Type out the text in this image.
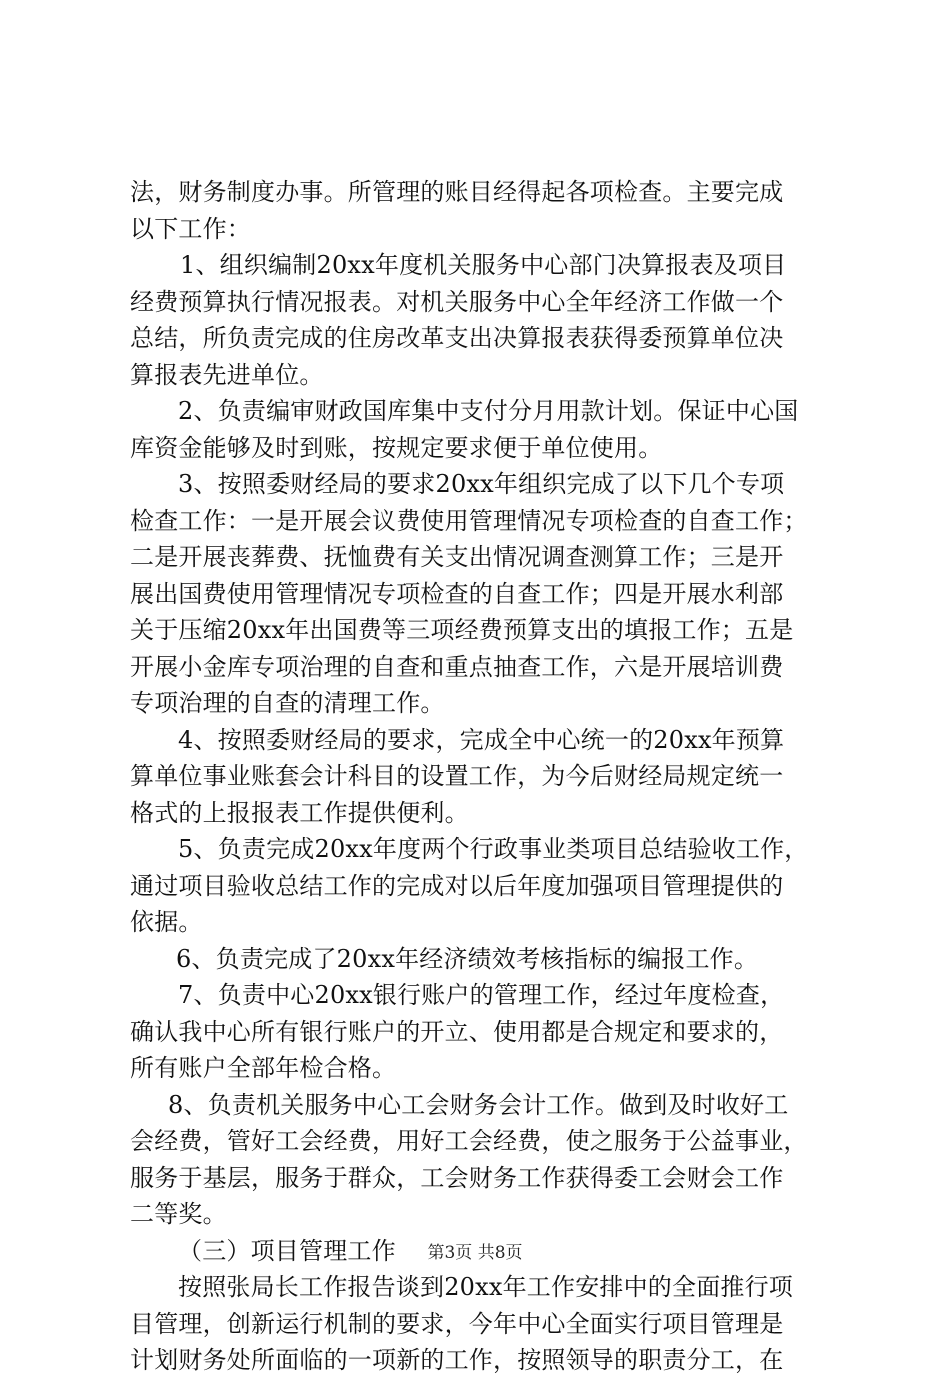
法，财务制度办事。所管理的账目经得起各项检查。主要完成
以下工作：
1、组织编制20xx年度机关服务中心部门决算报表及项目
经费预算执行情况报表。对机关服务中心全年经济工作做一个
总结，所负责完成的住房改革支出决算报表获得委预算单位决
算报表先进单位。
2、负责编审财政国库集中支付分月用款计划。保证中心国
库资金能够及时到账，按规定要求便于单位使用。
3、按照委财经局的要求20xx年组织完成了以下几个专项
检查工作：一是开展会议费使用管理情况专项检查的自查工作；
二是开展丧葬费、抚恤费有关支出情况调查测算工作；三是开
展出国费使用管理情况专项检查的自查工作；四是开展水利部
关于压缩20xx年出国费等三项经费预算支出的填报工作；五是
开展小金库专项治理的自查和重点抽查工作，六是开展培训费
专项治理的自查的清理工作。
4、按照委财经局的要求，完成全中心统一的20xx年预算
算单位事业账套会计科目的设置工作，为今后财经局规定统一
格式的上报报表工作提供便利。
5、负责完成20xx年度两个行政事业类项目总结验收工作，
通过项目验收总结工作的完成对以后年度加强项目管理提供的
依据。
6、负责完成了20xx年经济绩效考核指标的编报工作。
7、负责中心20xx银行账户的管理工作，经过年度检查，
确认我中心所有银行账户的开立、使用都是合规定和要求的，
所有账户全部年检合格。
8、负责机关服务中心工会财务会计工作。做到及时收好工
会经费，管好工会经费，用好工会经费，使之服务于公益事业，
服务于基层，服务于群众，工会财务工作获得委工会财会工作
二等奖。
（三）项目管理工作
按照张局长工作报告谈到20xx年工作安排中的全面推行项
目管理，创新运行机制的要求，今年中心全面实行项目管理是
计划财务处所面临的一项新的工作，按照领导的职责分工，在
第3页 共8页
